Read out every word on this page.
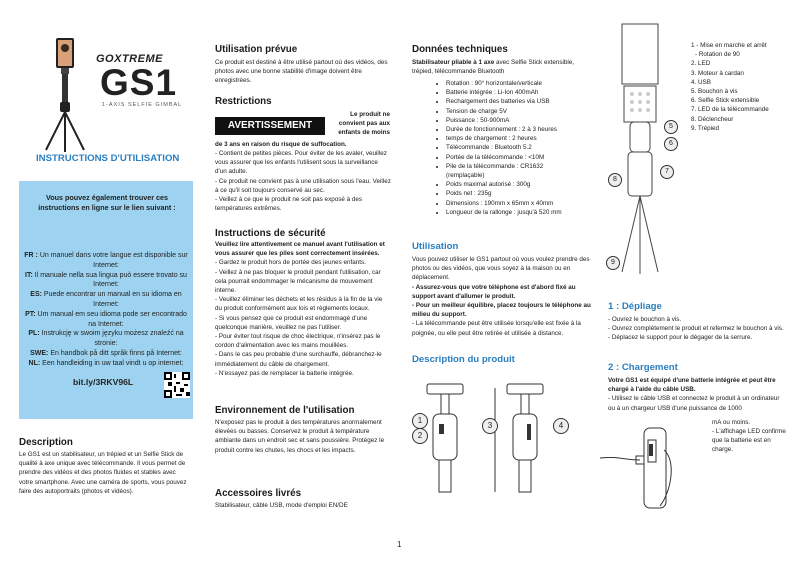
GOXTREME
GS1
1-AXIS SELFIE GIMBAL
INSTRUCTIONS D'UTILISATION
Vous pouvez également trouver ces instructions en ligne sur le lien suivant :
FR : Un manuel dans votre langue est disponible sur Internet:
IT: Il manuale nella sua lingua può essere trovato su Internet:
ES: Puede encontrar un manual en su idioma en Internet:
PT: Um manual em seu idioma pode ser encontrado na Internet:
PL: Instrukcję w swoim języku możesz znaleźć na stronie:
SWE: En handbok på ditt språk finns på Internet:
NL: Een handleiding in uw taal vindt u op internet:
bit.ly/3RKV96L
Description
Le GS1 est un stabilisateur, un trépied et un Selfie Stick de qualité à axe unique avec télécommande. Il vous permet de prendre des vidéos et des photos fluides et stables avec votre smartphone. Avec une caméra de sports, vous pouvez faire des autoportraits (photos et vidéos).
Utilisation prévue
Ce produit est destiné à être utilisé partout où des vidéos, des photos avec une bonne stabilité d'image doivent être enregistrées.
Restrictions
AVERTISSEMENT
Le produit ne convient pas aux enfants de moins
de 3 ans en raison du risque de suffocation.
- Contient de petites pièces. Pour éviter de les avaler, veuillez vous assurer que les enfants l'utilisent sous la surveillance d'un adulte.
- Ce produit ne convient pas à une utilisation sous l'eau. Veillez à ce qu'il soit toujours conservé au sec.
- Veillez à ce que le produit ne soit pas exposé à des températures extrêmes.
Instructions de sécurité
Veuillez lire attentivement ce manuel avant l'utilisation et vous assurer que les piles sont correctement insérées.
- Gardez le produit hors de portée des jeunes enfants.
- Veillez à ne pas bloquer le produit pendant l'utilisation, car cela pourrait endommager le mécanisme de mouvement interne.
- Veuillez éliminer les déchets et les résidus à la fin de la vie du produit conformément aux lois et règlements locaux.
- Si vous pensez que ce produit est endommagé d'une quelconque manière, veuillez ne pas l'utiliser.
- Pour éviter tout risque de choc électrique, n'insérez pas le cordon d'alimentation avec les mains mouillées.
- Dans le cas peu probable d'une surchauffe, débranchez-le immédiatement du câble de chargement.
- N'essayez pas de remplacer la batterie intégrée.
Environnement de l'utilisation
N'exposez pas le produit à des températures anormalement élevées ou basses. Conservez le produit à température ambiante dans un endroit sec et sans poussière. Protégez le produit contre les chutes, les chocs et les impacts.
Accessoires livrés
Stabilisateur, câble USB, mode d'emploi EN/DE
Données techniques
Stabilisateur pliable à 1 axe avec Selfie Stick extensible, trépied, télécommande Bluetooth
• Rotation : 90° horizontale/verticale
• Batterie intégrée : Li-Ion 400mAh
• Rechargement des batteries via USB
• Tension de charge 5V
• Puissance : 50-900mA
• Durée de fonctionnement : 2 à 3 heures
• temps de chargement : 2 heures
• Télécommande : Bluetooth 5.2
• Portée de la télécommande : <10M
• Pile de la télécommande : CR1632 (remplaçable)
• Poids maximal autorisé : 300g
• Poids net : 235g
• Dimensions : 190mm x 65mm x 40mm
• Longueur de la rallonge : jusqu'à 520 mm
Utilisation
Vous pouvez utiliser le GS1 partout où vous voulez prendre des photos ou des vidéos, que vous soyez à la maison ou en déplacement.
- Assurez-vous que votre téléphone est d'abord fixé au support avant d'allumer le produit.
- Pour un meilleur équilibre, placez toujours le téléphone au milieu du support.
- La télécommande peut être utilisée lorsqu'elle est fixée à la poignée, ou elle peut être retirée et utilisée à distance.
Description du produit
1
2
3	4
5
6
7
8
9
1 - Mise en marche et arrêt
- Rotation de 90
2. LED
3. Moteur à cardan
4. USB
5. Bouchon à vis
6. Selfie Stick extensible
7. LED de la télécommande
8. Déclencheur
9. Trépied
1 : Dépliage
- Ouvrez le bouchon à vis.
- Ouvrez complètement le produit et refermez le bouchon à vis.
- Déplacez le support pour le dégager de la serrure.
2 : Chargement
Votre GS1 est équipé d'une batterie intégrée et peut être chargé à l'aide du câble USB.
- Utilisez le câble USB et connectez le produit à un ordinateur ou à un chargeur USB d'une puissance de 1000
mA ou moins.
- L'affichage LED confirme que la batterie est en charge.
1
